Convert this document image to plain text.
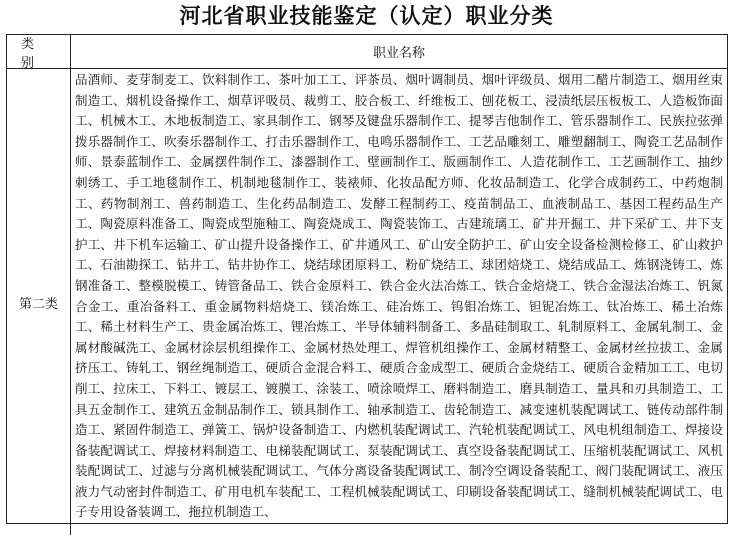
河北省职业技能鉴定（认定）职业分类
类 别
职业名称
第二类
品酒师、麦芽制麦工、饮料制作工、茶叶加工工、评茶员、烟叶调制员、烟叶评级员、烟用二醋片制造工、烟用丝束制造工、烟机设备操作工、烟草评吸员、裁剪工、胶合板工、纤维板工、刨花板工、浸渍纸层压板板工、人造板饰面工、机械木工、木地板制造工、家具制作工、钢琴及键盘乐器制作工、提琴吉他制作工、管乐器制作工、民族拉弦弹拨乐器制作工、吹奏乐器制作工、打击乐器制作工、电鸣乐器制作工、工艺品雕刻工、雕塑翻制工、陶瓷工艺品制作师、景泰蓝制作工、金属摆件制作工、漆器制作工、壁画制作工、版画制作工、人造花制作工、工艺画制作工、抽纱刺绣工、手工地毯制作工、机制地毯制作工、装裱师、化妆品配方师、化妆品制造工、化学合成制药工、中药炮制工、药物制剂工、兽药制造工、生化药品制造工、发酵工程制药工、疫苗制品工、血液制品工、基因工程药品生产工、陶瓷原料准备工、陶瓷成型施釉工、陶瓷烧成工、陶瓷装饰工、古建琉璃工、矿井开掘工、井下采矿工、井下支护工、井下机车运输工、矿山提升设备操作工、矿井通风工、矿山安全防护工、矿山安全设备检测检修工、矿山救护工、石油勘探工、钻井工、钻井协作工、烧结球团原料工、粉矿烧结工、球团焙烧工、烧结成品工、炼钢浇铸工、炼钢准备工、整模脱模工、铸管备品工、铁合金原料工、铁合金火法冶炼工、铁合金焙烧工、铁合金湿法冶炼工、钒氮合金工、重冶备料工、重金属物料焙烧工、镁冶炼工、硅冶炼工、钨钼冶炼工、钽铌冶炼工、钛冶炼工、稀土冶炼工、稀土材料生产工、贵金属冶炼工、锂冶炼工、半导体辅料制备工、多晶硅制取工、轧制原料工、金属轧制工、金属材酸碱洗工、金属材涂层机组操作工、金属材热处理工、焊管机组操作工、金属材精整工、金属材丝拉拔工、金属挤压工、铸轧工、钢丝绳制造工、硬质合金混合料工、硬质合金成型工、硬质合金烧结工、硬质合金精加工工、电切削工、拉床工、下料工、镀层工、镀膜工、涂装工、喷涂喷焊工、磨料制造工、磨具制造工、量具和刃具制造工、工具五金制作工、建筑五金制品制作工、锁具制作工、轴承制造工、齿轮制造工、减变速机装配调试工、链传动部件制造工、紧固件制造工、弹簧工、锅炉设备制造工、内燃机装配调试工、汽轮机装配调试工、风电机组制造工、焊接设备装配调试工、焊接材料制造工、电梯装配调试工、泵装配调试工、真空设备装配调试工、压缩机装配调试工、风机装配调试工、过滤与分离机械装配调试工、气体分离设备装配调试工、制冷空调设备装配工、阀门装配调试工、液压液力气动密封件制造工、矿用电机车装配工、工程机械装配调试工、印刷设备装配调试工、缝制机械装配调试工、电子专用设备装调工、拖拉机制造工、
